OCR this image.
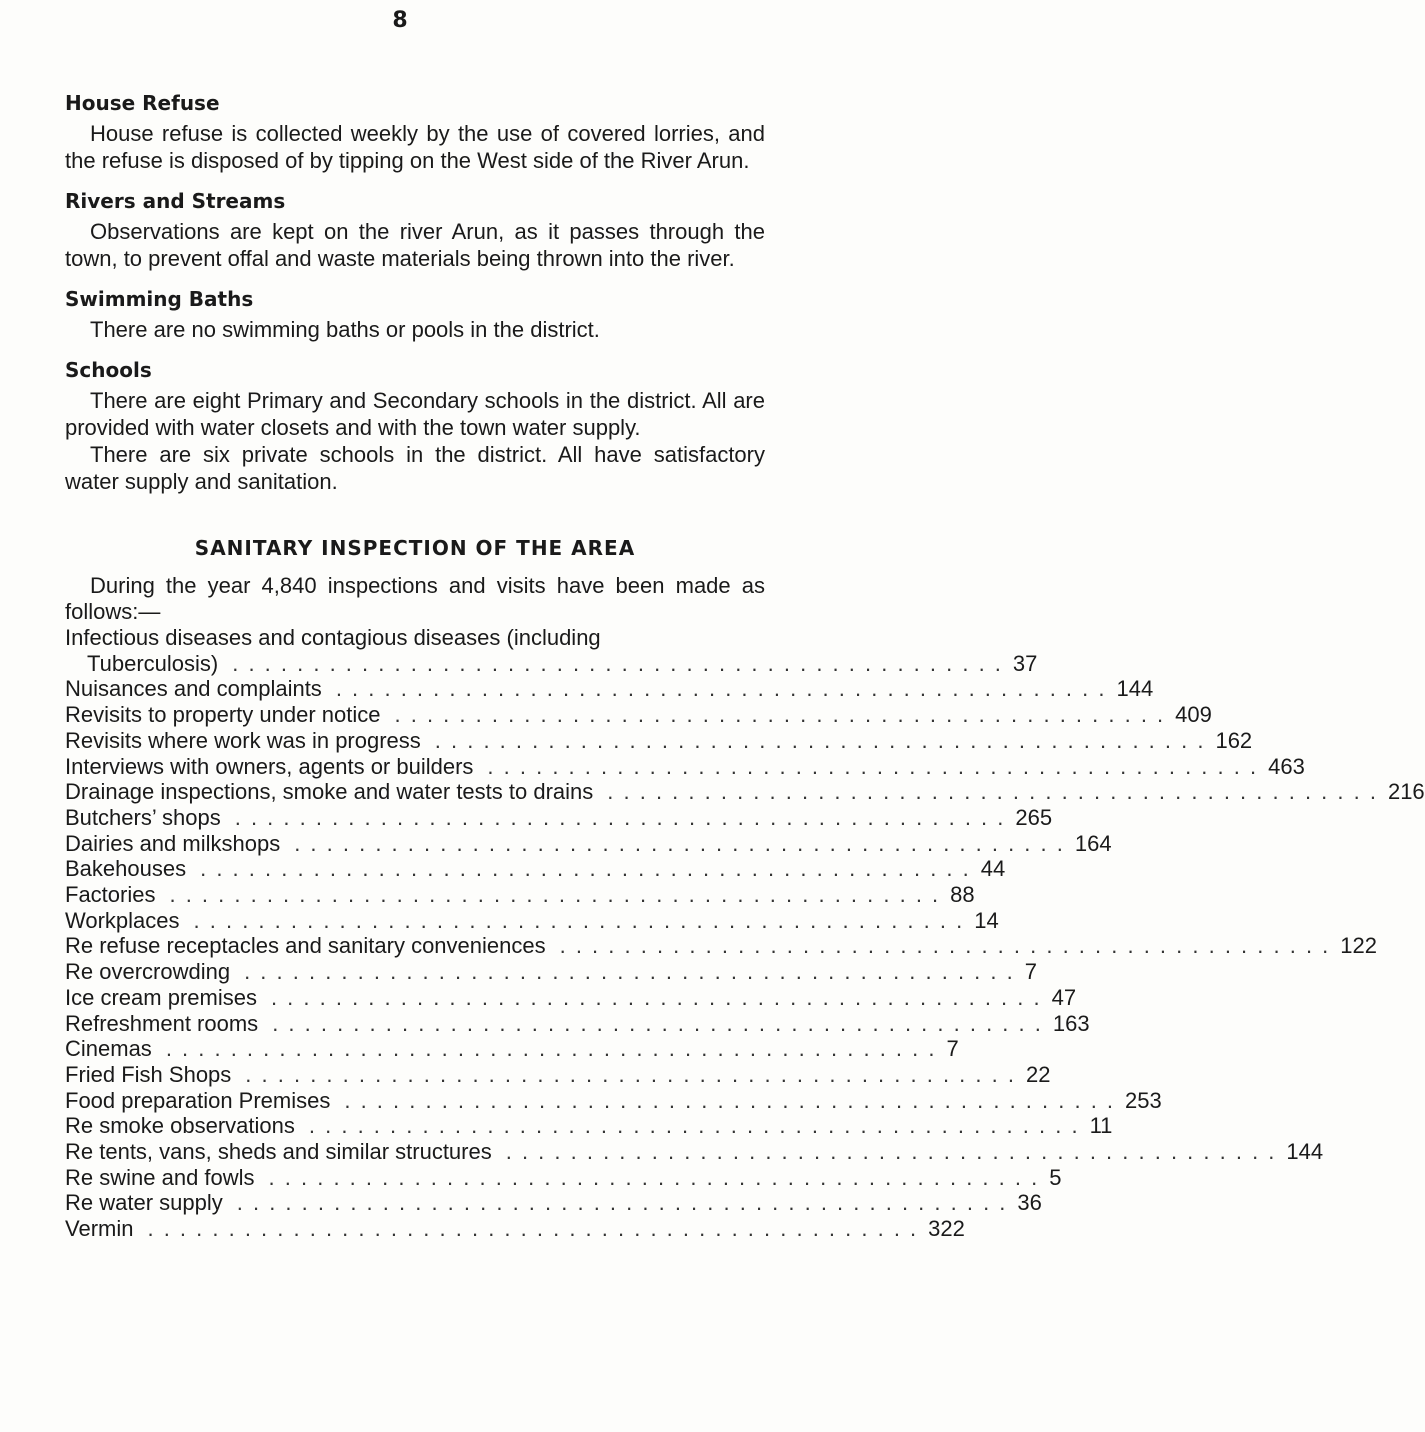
8
House Refuse

House refuse is collected weekly by the use of covered lorries, and the refuse is disposed of by tipping on the West side of the River Arun.

Rivers and Streams

Observations are kept on the river Arun, as it passes through the town, to prevent offal and waste materials being thrown into the river.

Swimming Baths

There are no swimming baths or pools in the district.

Schools

There are eight Primary and Secondary schools in the district. All are provided with water closets and with the town water supply.

There are six private schools in the district. All have satisfactory water supply and sanitation.

SANITARY INSPECTION OF THE AREA

During the year 4,840 inspections and visits have been made as follows:—

Infectious diseases and contagious diseases (including
Tuberculosis) . . . . . . . . . . . . . . . . . . . . . . . . . . . . . . . . . . . . . . . . . . . . . . . . 37
Nuisances and complaints . . . . . . . . . . . . . . . . . . . . . . . . . . . . . . . . . . . . . . . . . . . . . . . . 144
Revisits to property under notice . . . . . . . . . . . . . . . . . . . . . . . . . . . . . . . . . . . . . . . . . . . . . . . . 409
Revisits where work was in progress . . . . . . . . . . . . . . . . . . . . . . . . . . . . . . . . . . . . . . . . . . . . . . . . 162
Interviews with owners, agents or builders . . . . . . . . . . . . . . . . . . . . . . . . . . . . . . . . . . . . . . . . . . . . . . . . 463
Drainage inspections, smoke and water tests to drains . . . . . . . . . . . . . . . . . . . . . . . . . . . . . . . . . . . . . . . . . . . . . . . . 216
Butchers’ shops . . . . . . . . . . . . . . . . . . . . . . . . . . . . . . . . . . . . . . . . . . . . . . . . 265
Dairies and milkshops . . . . . . . . . . . . . . . . . . . . . . . . . . . . . . . . . . . . . . . . . . . . . . . . 164
Bakehouses . . . . . . . . . . . . . . . . . . . . . . . . . . . . . . . . . . . . . . . . . . . . . . . . 44
Factories . . . . . . . . . . . . . . . . . . . . . . . . . . . . . . . . . . . . . . . . . . . . . . . . 88
Workplaces . . . . . . . . . . . . . . . . . . . . . . . . . . . . . . . . . . . . . . . . . . . . . . . . 14
Re refuse receptacles and sanitary conveniences . . . . . . . . . . . . . . . . . . . . . . . . . . . . . . . . . . . . . . . . . . . . . . . . 122
Re overcrowding . . . . . . . . . . . . . . . . . . . . . . . . . . . . . . . . . . . . . . . . . . . . . . . . 7
Ice cream premises . . . . . . . . . . . . . . . . . . . . . . . . . . . . . . . . . . . . . . . . . . . . . . . . 47
Refreshment rooms . . . . . . . . . . . . . . . . . . . . . . . . . . . . . . . . . . . . . . . . . . . . . . . . 163
Cinemas . . . . . . . . . . . . . . . . . . . . . . . . . . . . . . . . . . . . . . . . . . . . . . . . 7
Fried Fish Shops . . . . . . . . . . . . . . . . . . . . . . . . . . . . . . . . . . . . . . . . . . . . . . . . 22
Food preparation Premises . . . . . . . . . . . . . . . . . . . . . . . . . . . . . . . . . . . . . . . . . . . . . . . . 253
Re smoke observations . . . . . . . . . . . . . . . . . . . . . . . . . . . . . . . . . . . . . . . . . . . . . . . . 11
Re tents, vans, sheds and similar structures . . . . . . . . . . . . . . . . . . . . . . . . . . . . . . . . . . . . . . . . . . . . . . . . 144
Re swine and fowls . . . . . . . . . . . . . . . . . . . . . . . . . . . . . . . . . . . . . . . . . . . . . . . . 5
Re water supply . . . . . . . . . . . . . . . . . . . . . . . . . . . . . . . . . . . . . . . . . . . . . . . . 36
Vermin . . . . . . . . . . . . . . . . . . . . . . . . . . . . . . . . . . . . . . . . . . . . . . . . 322
